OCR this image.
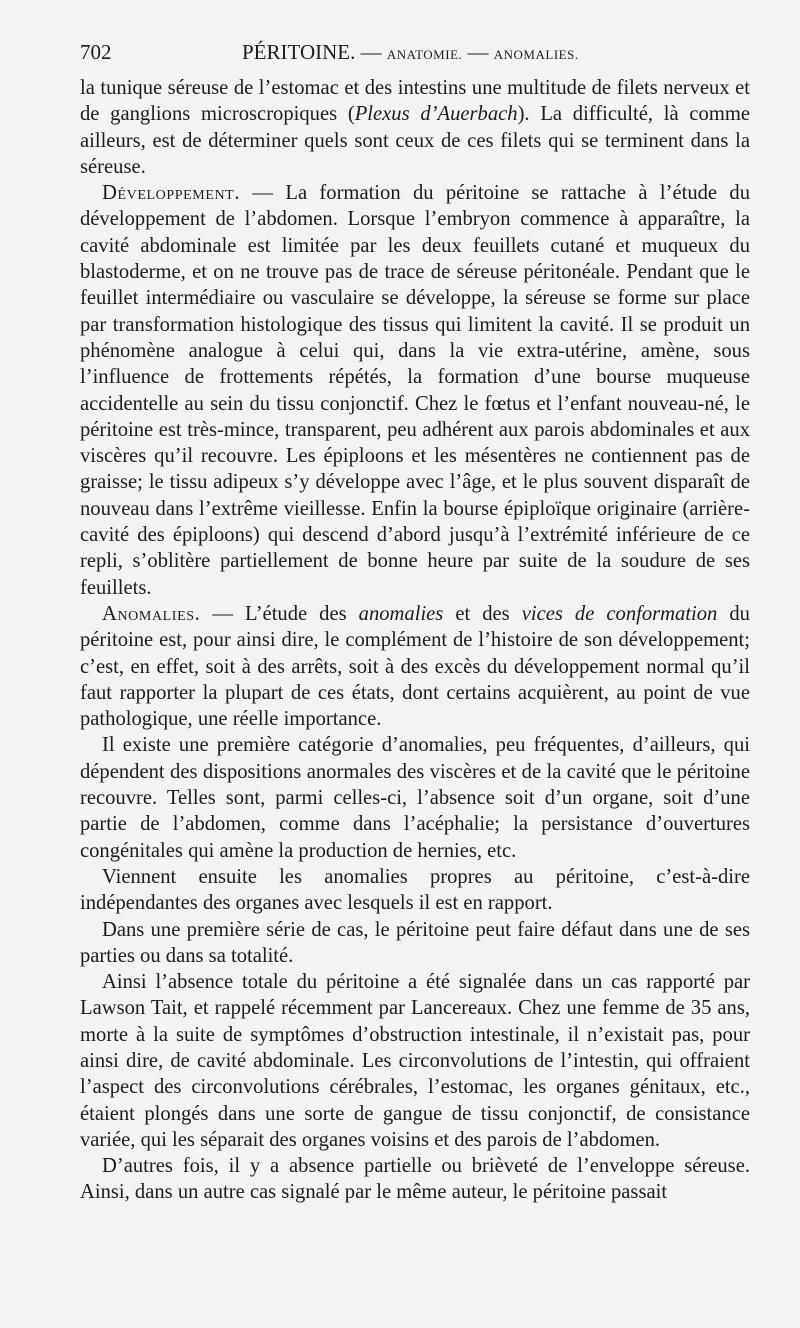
702	PÉRITOINE. — ANATOMIE. — ANOMALIES.

la tunique séreuse de l’estomac et des intestins une multitude de filets nerveux et de ganglions microscropiques (Plexus d’Auerbach). La difficulté, là comme ailleurs, est de déterminer quels sont ceux de ces filets qui se terminent dans la séreuse.

Développement. — La formation du péritoine se rattache à l’étude du développement de l’abdomen. Lorsque l’embryon commence à apparaître, la cavité abdominale est limitée par les deux feuillets cutané et muqueux du blastoderme, et on ne trouve pas de trace de séreuse péritonéale. Pendant que le feuillet intermédiaire ou vasculaire se développe, la séreuse se forme sur place par transformation histologique des tissus qui limitent la cavité. Il se produit un phénomène analogue à celui qui, dans la vie extra-utérine, amène, sous l’influence de frottements répétés, la formation d’une bourse muqueuse accidentelle au sein du tissu conjonctif. Chez le fœtus et l’enfant nouveau-né, le péritoine est très-mince, transparent, peu adhérent aux parois abdominales et aux viscères qu’il recouvre. Les épiploons et les mésentères ne contiennent pas de graisse; le tissu adipeux s’y développe avec l’âge, et le plus souvent disparaît de nouveau dans l’extrême vieillesse. Enfin la bourse épiploïque originaire (arrière-cavité des épiploons) qui descend d’abord jusqu’à l’extrémité inférieure de ce repli, s’oblitère partiellement de bonne heure par suite de la soudure de ses feuillets.

Anomalies. — L’étude des anomalies et des vices de conformation du péritoine est, pour ainsi dire, le complément de l’histoire de son développement; c’est, en effet, soit à des arrêts, soit à des excès du développement normal qu’il faut rapporter la plupart de ces états, dont certains acquièrent, au point de vue pathologique, une réelle importance.

Il existe une première catégorie d’anomalies, peu fréquentes, d’ailleurs, qui dépendent des dispositions anormales des viscères et de la cavité que le péritoine recouvre. Telles sont, parmi celles-ci, l’absence soit d’un organe, soit d’une partie de l’abdomen, comme dans l’acéphalie; la persistance d’ouvertures congénitales qui amène la production de hernies, etc.

Viennent ensuite les anomalies propres au péritoine, c’est-à-dire indépendantes des organes avec lesquels il est en rapport.

Dans une première série de cas, le péritoine peut faire défaut dans une de ses parties ou dans sa totalité.

Ainsi l’absence totale du péritoine a été signalée dans un cas rapporté par Lawson Tait, et rappelé récemment par Lancereaux. Chez une femme de 35 ans, morte à la suite de symptômes d’obstruction intestinale, il n’existait pas, pour ainsi dire, de cavité abdominale. Les circonvolutions de l’intestin, qui offraient l’aspect des circonvolutions cérébrales, l’estomac, les organes génitaux, etc., étaient plongés dans une sorte de gangue de tissu conjonctif, de consistance variée, qui les séparait des organes voisins et des parois de l’abdomen.

D’autres fois, il y a absence partielle ou brièveté de l’enveloppe séreuse. Ainsi, dans un autre cas signalé par le même auteur, le péritoine passait
